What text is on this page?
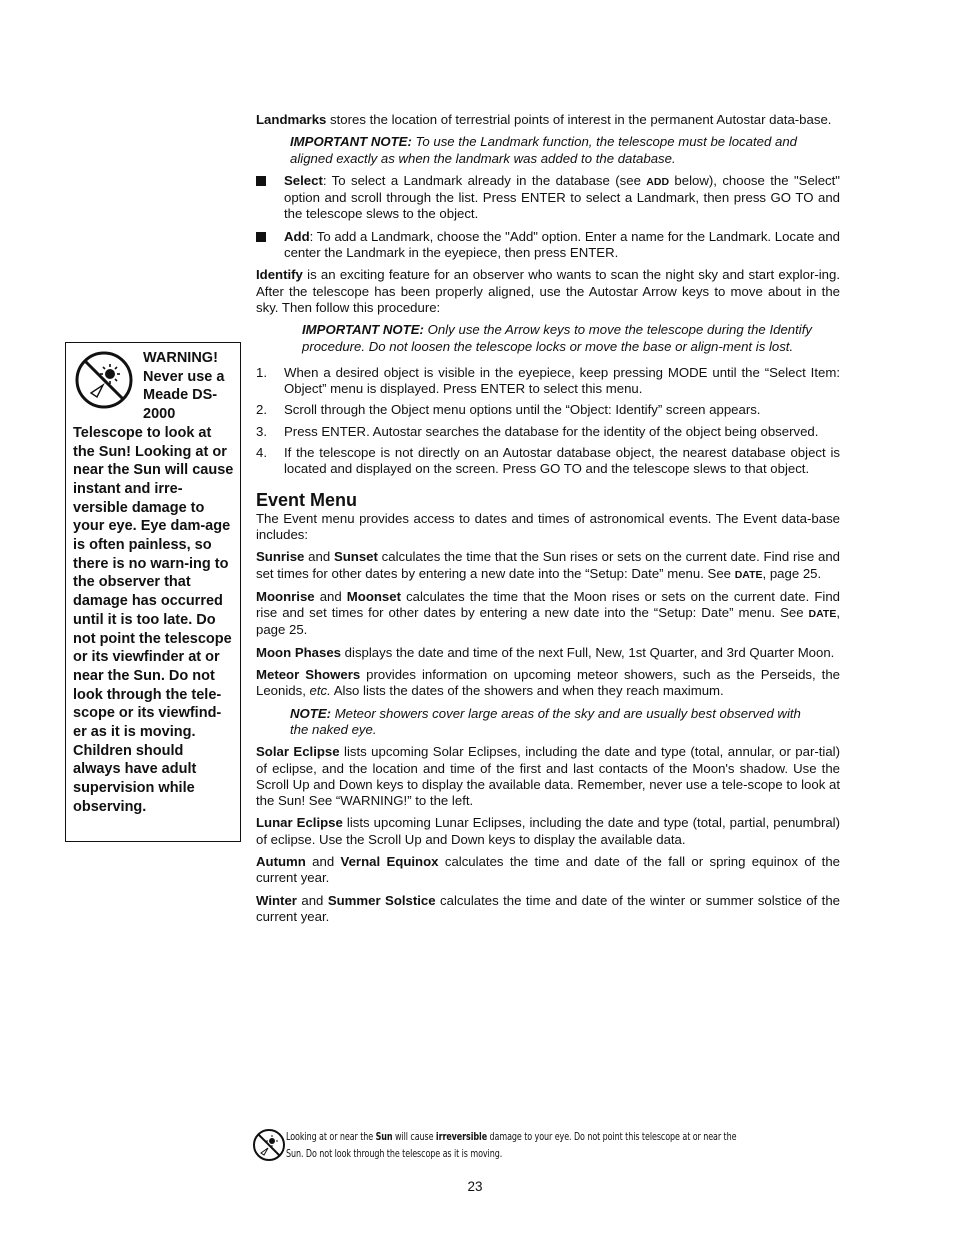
WARNING! Never use a Meade DS-2000 Telescope to look at the Sun! Looking at or near the Sun will cause instant and irre-versible damage to your eye. Eye dam-age is often painless, so there is no warn-ing to the observer that damage has occurred until it is too late. Do not point the telescope or its viewfinder at or near the Sun. Do not look through the tele-scope or its viewfind-er as it is moving. Children should always have adult supervision while observing.

Landmarks stores the location of terrestrial points of interest in the permanent Autostar data-base.

IMPORTANT NOTE: To use the Landmark function, the telescope must be located and aligned exactly as when the landmark was added to the database.

Select: To select a Landmark already in the database (see ADD below), choose the "Select" option and scroll through the list. Press ENTER to select a Landmark, then press GO TO and the telescope slews to the object.
Add: To add a Landmark, choose the "Add" option. Enter a name for the Landmark. Locate and center the Landmark in the eyepiece, then press ENTER.

Identify is an exciting feature for an observer who wants to scan the night sky and start explor-ing. After the telescope has been properly aligned, use the Autostar Arrow keys to move about in the sky. Then follow this procedure:

IMPORTANT NOTE: Only use the Arrow keys to move the telescope during the Identify procedure. Do not loosen the telescope locks or move the base or align-ment is lost.

1. When a desired object is visible in the eyepiece, keep pressing MODE until the “Select Item: Object” menu is displayed. Press ENTER to select this menu.
2. Scroll through the Object menu options until the “Object: Identify” screen appears.
3. Press ENTER. Autostar searches the database for the identity of the object being observed.
4. If the telescope is not directly on an Autostar database object, the nearest database object is located and displayed on the screen. Press GO TO and the telescope slews to that object.
Event Menu

The Event menu provides access to dates and times of astronomical events. The Event data-base includes:

Sunrise and Sunset calculates the time that the Sun rises or sets on the current date. Find rise and set times for other dates by entering a new date into the “Setup: Date” menu. See DATE, page 25.

Moonrise and Moonset calculates the time that the Moon rises or sets on the current date. Find rise and set times for other dates by entering a new date into the “Setup: Date” menu. See DATE, page 25.

Moon Phases displays the date and time of the next Full, New, 1st Quarter, and 3rd Quarter Moon.

Meteor Showers provides information on upcoming meteor showers, such as the Perseids, the Leonids, etc. Also lists the dates of the showers and when they reach maximum.

NOTE: Meteor showers cover large areas of the sky and are usually best observed with the naked eye.

Solar Eclipse lists upcoming Solar Eclipses, including the date and type (total, annular, or par-tial) of eclipse, and the location and time of the first and last contacts of the Moon's shadow. Use the Scroll Up and Down keys to display the available data. Remember, never use a tele-scope to look at the Sun! See “WARNING!” to the left.

Lunar Eclipse lists upcoming Lunar Eclipses, including the date and type (total, partial, penumbral) of eclipse. Use the Scroll Up and Down keys to display the available data.

Autumn and Vernal Equinox calculates the time and date of the fall or spring equinox of the current year.

Winter and Summer Solstice calculates the time and date of the winter or summer solstice of the current year.

Looking at or near the Sun will cause irreversible damage to your eye. Do not point this telescope at or near the
Sun. Do not look through the telescope as it is moving.
23
